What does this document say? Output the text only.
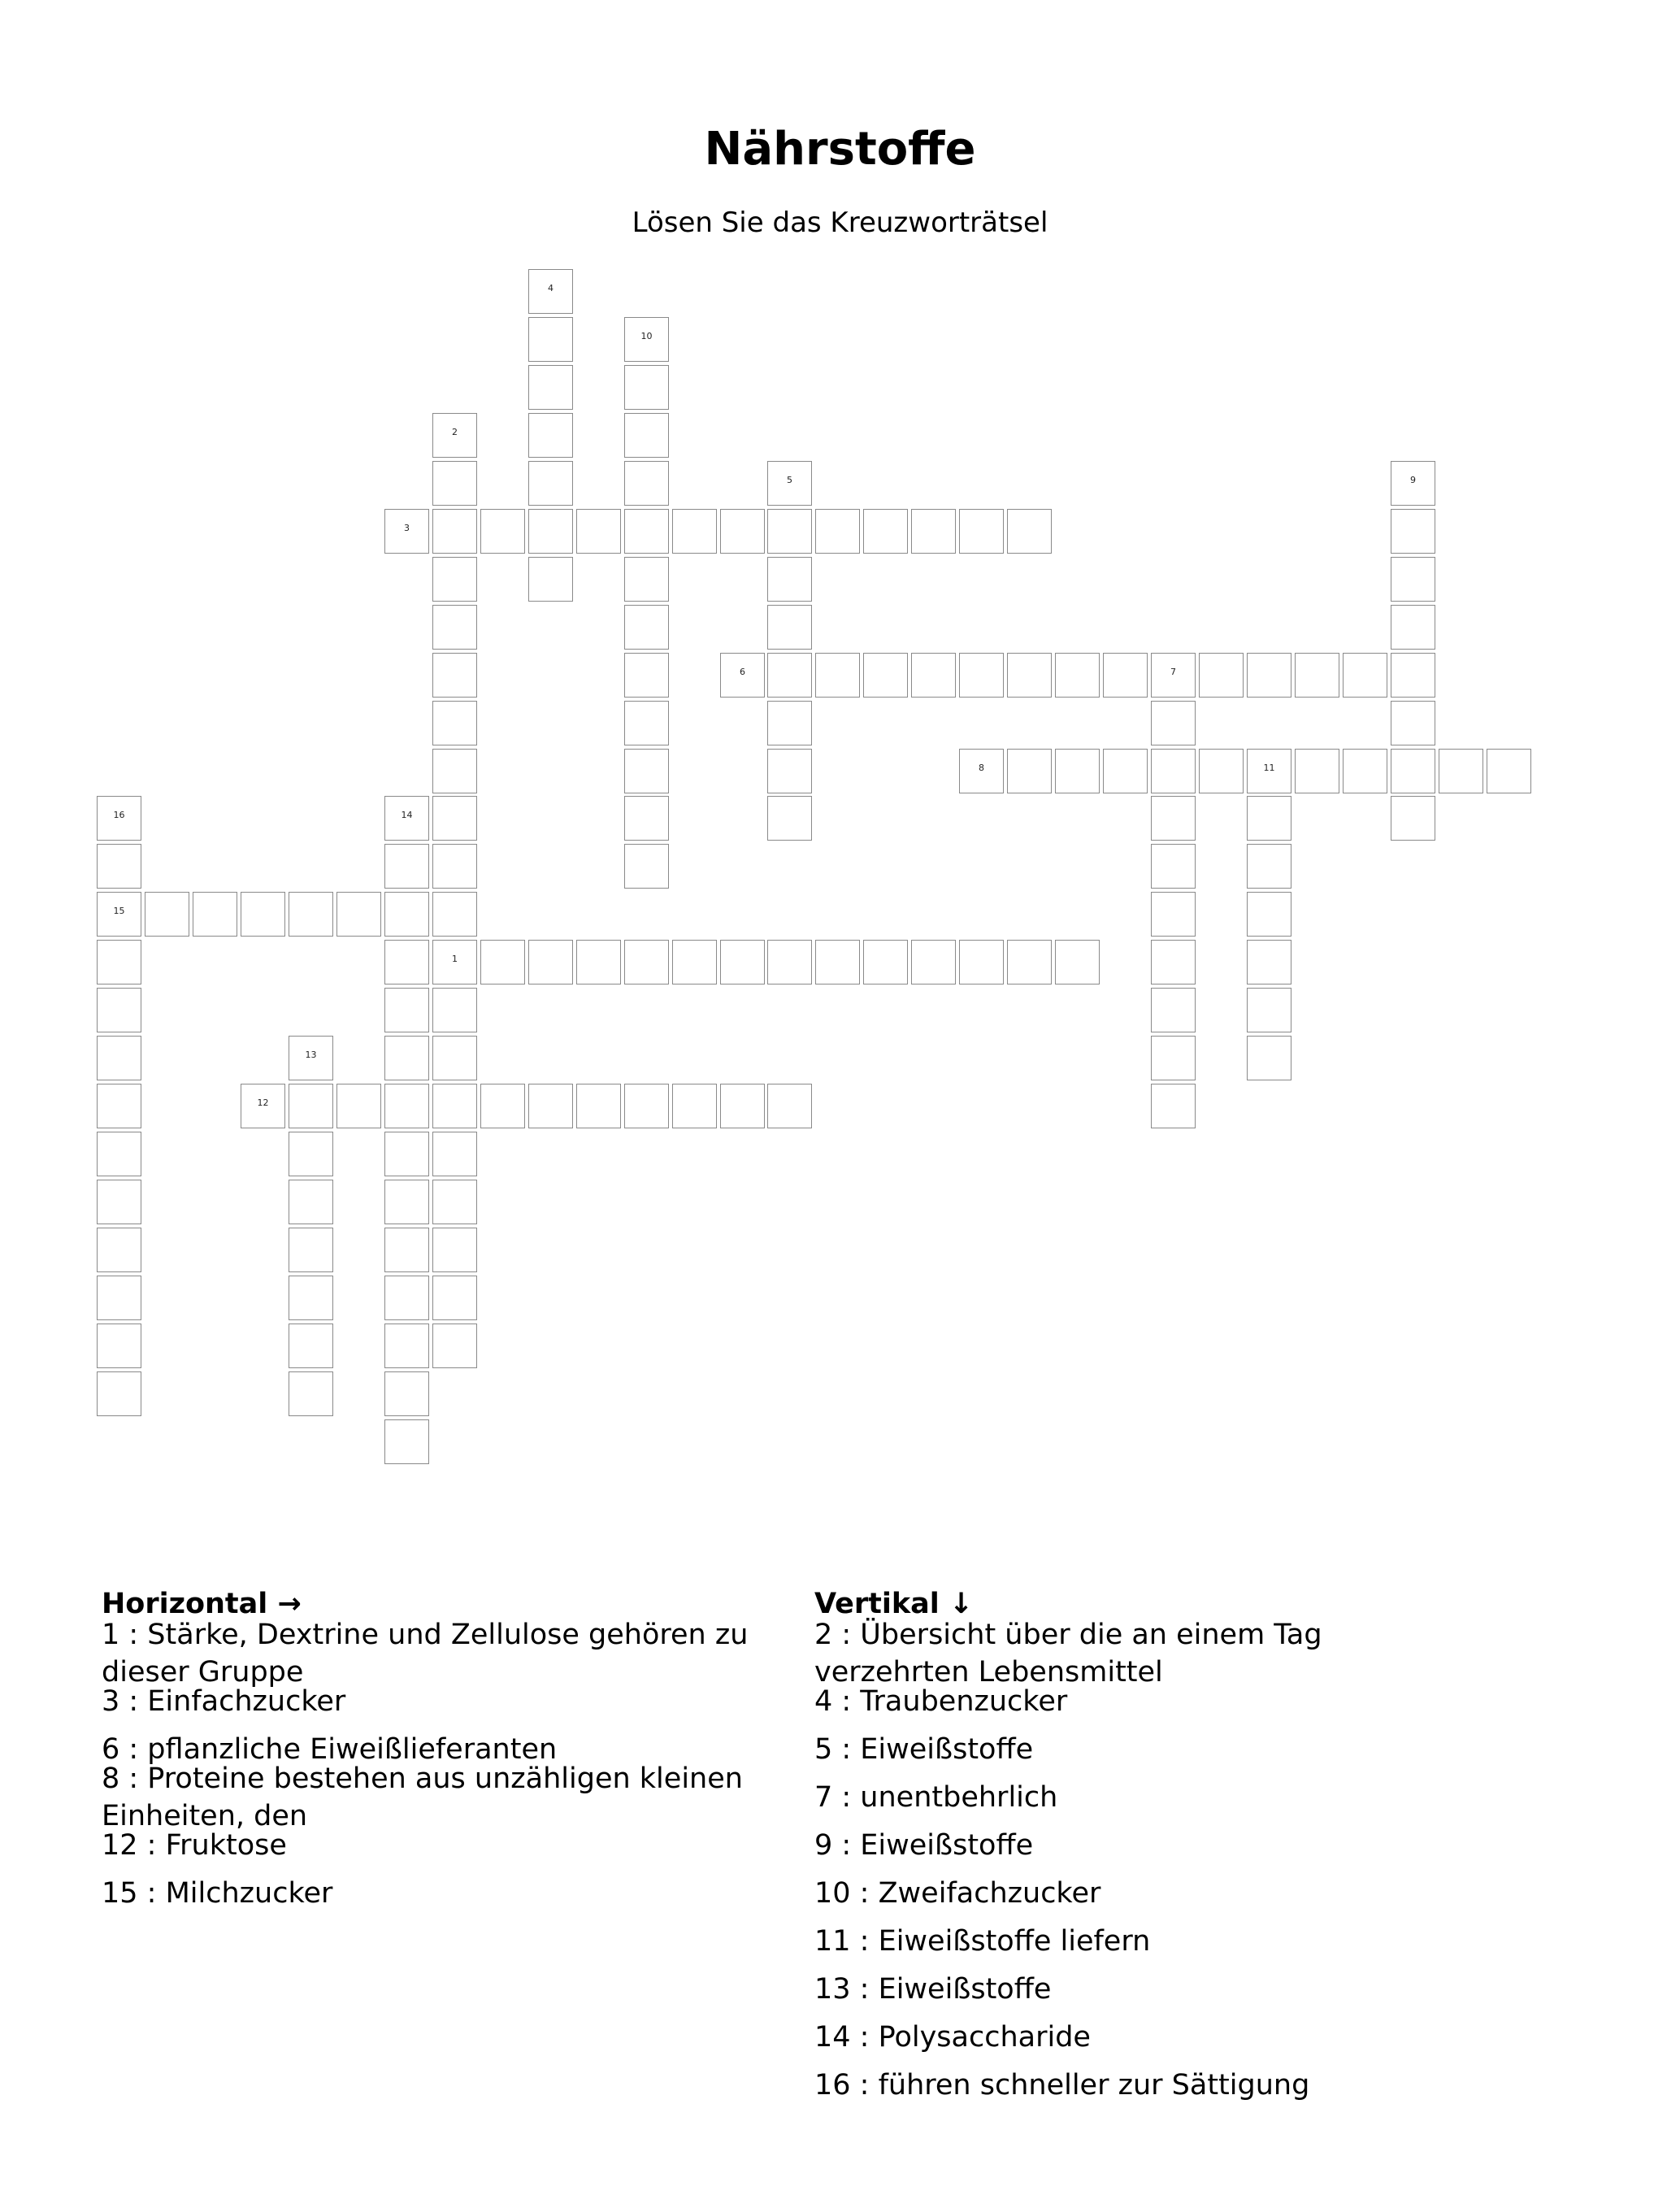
Nährstoffe
Lösen Sie das Kreuzworträtsel
1
3
6	7
8	11
12
15
2
4
5	9
10
13
14
16
Horizontal →
1 : Stärke, Dextrine und Zellulose gehören zu dieser Gruppe
3 : Einfachzucker
6 : pflanzliche Eiweißlieferanten
8 : Proteine bestehen aus unzähligen kleinen Einheiten, den
12 : Fruktose
15 : Milchzucker
Vertikal ↓
2 : Übersicht über die an einem Tag verzehrten Lebensmittel
4 : Traubenzucker
5 : Eiweißstoffe
7 : unentbehrlich
9 : Eiweißstoffe
10 : Zweifachzucker
11 : Eiweißstoffe liefern
13 : Eiweißstoffe
14 : Polysaccharide
16 : führen schneller zur Sättigung
